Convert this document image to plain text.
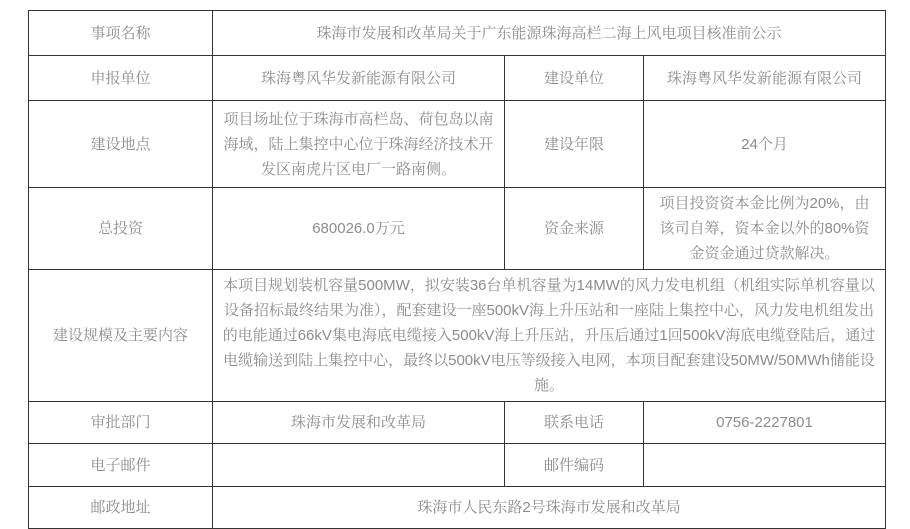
事项名称	珠海市发展和改革局关于广东能源珠海高栏二海上风电项目核准前公示		
申报单位	珠海粤风华发新能源有限公司	建设单位	珠海粤风华发新能源有限公司
建设地点	项目场址位于珠海市高栏岛、荷包岛以南海域，陆上集控中心位于珠海经济技术开发区南虎片区电厂一路南侧。	建设年限	24个月
总投资	680026.0万元	资金来源	项目投资资本金比例为20%，由该司自筹，资本金以外的80%资金资金通过贷款解决。
建设规模及主要内容	本项目规划装机容量500MW，拟安装36台单机容量为14MW的风力发电机组（机组实际单机容量以设备招标最终结果为准），配套建设一座500kV海上升压站和一座陆上集控中心，风力发电机组发出的电能通过66kV集电海底电缆接入500kV海上升压站，升压后通过1回500kV海底电缆登陆后，通过电缆输送到陆上集控中心，最终以500kV电压等级接入电网，本项目配套建设50MW/50MWh储能设施。		
审批部门	珠海市发展和改革局	联系电话	0756-2227801
电子邮件		邮件编码	
邮政地址	珠海市人民东路2号珠海市发展和改革局		
